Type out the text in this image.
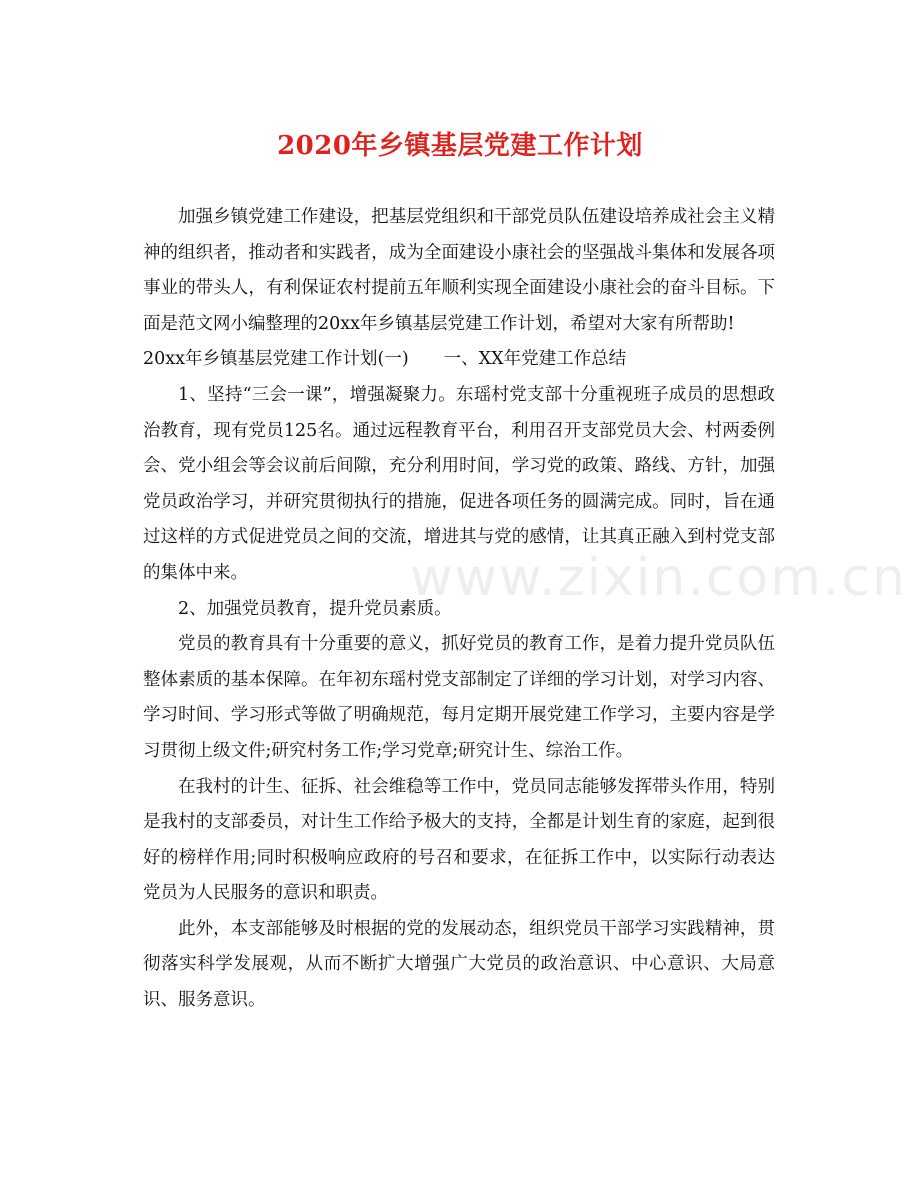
www.zixin.com.cn
2020年乡镇基层党建工作计划

加强乡镇党建工作建设，把基层党组织和干部党员队伍建设培养成社会主义精神的组织者，推动者和实践者，成为全面建设小康社会的坚强战斗集体和发展各项事业的带头人，有利保证农村提前五年顺利实现全面建设小康社会的奋斗目标。下面是范文网小编整理的20xx年乡镇基层党建工作计划，希望对大家有所帮助!

20xx年乡镇基层党建工作计划(一)　　一、XX年党建工作总结

1、坚持“三会一课”，增强凝聚力。东瑶村党支部十分重视班子成员的思想政治教育，现有党员125名。通过远程教育平台，利用召开支部党员大会、村两委例会、党小组会等会议前后间隙，充分利用时间，学习党的政策、路线、方针，加强党员政治学习，并研究贯彻执行的措施，促进各项任务的圆满完成。同时，旨在通过这样的方式促进党员之间的交流，增进其与党的感情，让其真正融入到村党支部的集体中来。

2、加强党员教育，提升党员素质。

党员的教育具有十分重要的意义，抓好党员的教育工作，是着力提升党员队伍整体素质的基本保障。在年初东瑶村党支部制定了详细的学习计划，对学习内容、学习时间、学习形式等做了明确规范，每月定期开展党建工作学习，主要内容是学习贯彻上级文件;研究村务工作;学习党章;研究计生、综治工作。

在我村的计生、征拆、社会维稳等工作中，党员同志能够发挥带头作用，特别是我村的支部委员，对计生工作给予极大的支持，全都是计划生育的家庭，起到很好的榜样作用;同时积极响应政府的号召和要求，在征拆工作中，以实际行动表达党员为人民服务的意识和职责。

此外，本支部能够及时根据的党的发展动态，组织党员干部学习实践精神，贯彻落实科学发展观，从而不断扩大增强广大党员的政治意识、中心意识、大局意识、服务意识。
